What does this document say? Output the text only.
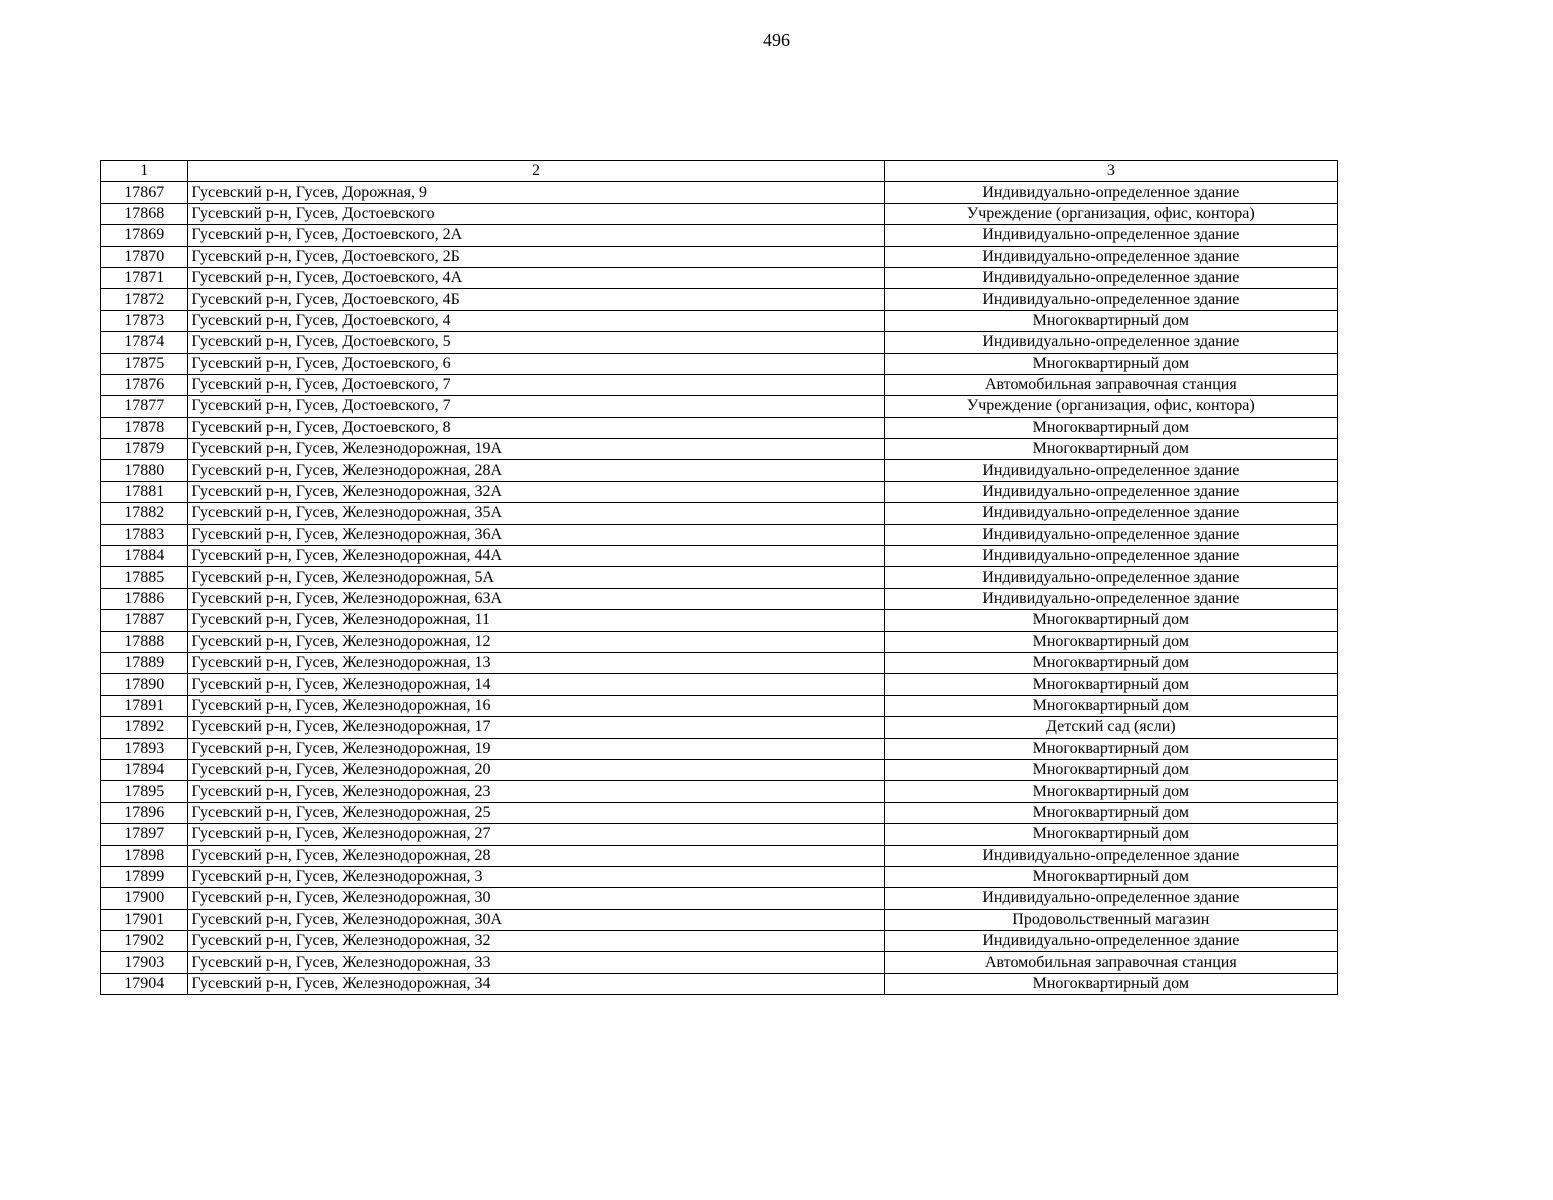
496
1	2	3
17867	Гусевский р-н, Гусев, Дорожная, 9	Индивидуально-определенное здание
17868	Гусевский р-н, Гусев, Достоевского	Учреждение (организация, офис, контора)
17869	Гусевский р-н, Гусев, Достоевского, 2А	Индивидуально-определенное здание
17870	Гусевский р-н, Гусев, Достоевского, 2Б	Индивидуально-определенное здание
17871	Гусевский р-н, Гусев, Достоевского, 4А	Индивидуально-определенное здание
17872	Гусевский р-н, Гусев, Достоевского, 4Б	Индивидуально-определенное здание
17873	Гусевский р-н, Гусев, Достоевского, 4	Многоквартирный дом
17874	Гусевский р-н, Гусев, Достоевского, 5	Индивидуально-определенное здание
17875	Гусевский р-н, Гусев, Достоевского, 6	Многоквартирный дом
17876	Гусевский р-н, Гусев, Достоевского, 7	Автомобильная заправочная станция
17877	Гусевский р-н, Гусев, Достоевского, 7	Учреждение (организация, офис, контора)
17878	Гусевский р-н, Гусев, Достоевского, 8	Многоквартирный дом
17879	Гусевский р-н, Гусев, Железнодорожная, 19А	Многоквартирный дом
17880	Гусевский р-н, Гусев, Железнодорожная, 28А	Индивидуально-определенное здание
17881	Гусевский р-н, Гусев, Железнодорожная, 32А	Индивидуально-определенное здание
17882	Гусевский р-н, Гусев, Железнодорожная, 35А	Индивидуально-определенное здание
17883	Гусевский р-н, Гусев, Железнодорожная, 36А	Индивидуально-определенное здание
17884	Гусевский р-н, Гусев, Железнодорожная, 44А	Индивидуально-определенное здание
17885	Гусевский р-н, Гусев, Железнодорожная, 5А	Индивидуально-определенное здание
17886	Гусевский р-н, Гусев, Железнодорожная, 63А	Индивидуально-определенное здание
17887	Гусевский р-н, Гусев, Железнодорожная, 11	Многоквартирный дом
17888	Гусевский р-н, Гусев, Железнодорожная, 12	Многоквартирный дом
17889	Гусевский р-н, Гусев, Железнодорожная, 13	Многоквартирный дом
17890	Гусевский р-н, Гусев, Железнодорожная, 14	Многоквартирный дом
17891	Гусевский р-н, Гусев, Железнодорожная, 16	Многоквартирный дом
17892	Гусевский р-н, Гусев, Железнодорожная, 17	Детский сад (ясли)
17893	Гусевский р-н, Гусев, Железнодорожная, 19	Многоквартирный дом
17894	Гусевский р-н, Гусев, Железнодорожная, 20	Многоквартирный дом
17895	Гусевский р-н, Гусев, Железнодорожная, 23	Многоквартирный дом
17896	Гусевский р-н, Гусев, Железнодорожная, 25	Многоквартирный дом
17897	Гусевский р-н, Гусев, Железнодорожная, 27	Многоквартирный дом
17898	Гусевский р-н, Гусев, Железнодорожная, 28	Индивидуально-определенное здание
17899	Гусевский р-н, Гусев, Железнодорожная, 3	Многоквартирный дом
17900	Гусевский р-н, Гусев, Железнодорожная, 30	Индивидуально-определенное здание
17901	Гусевский р-н, Гусев, Железнодорожная, 30А	Продовольственный магазин
17902	Гусевский р-н, Гусев, Железнодорожная, 32	Индивидуально-определенное здание
17903	Гусевский р-н, Гусев, Железнодорожная, 33	Автомобильная заправочная станция
17904	Гусевский р-н, Гусев, Железнодорожная, 34	Многоквартирный дом
